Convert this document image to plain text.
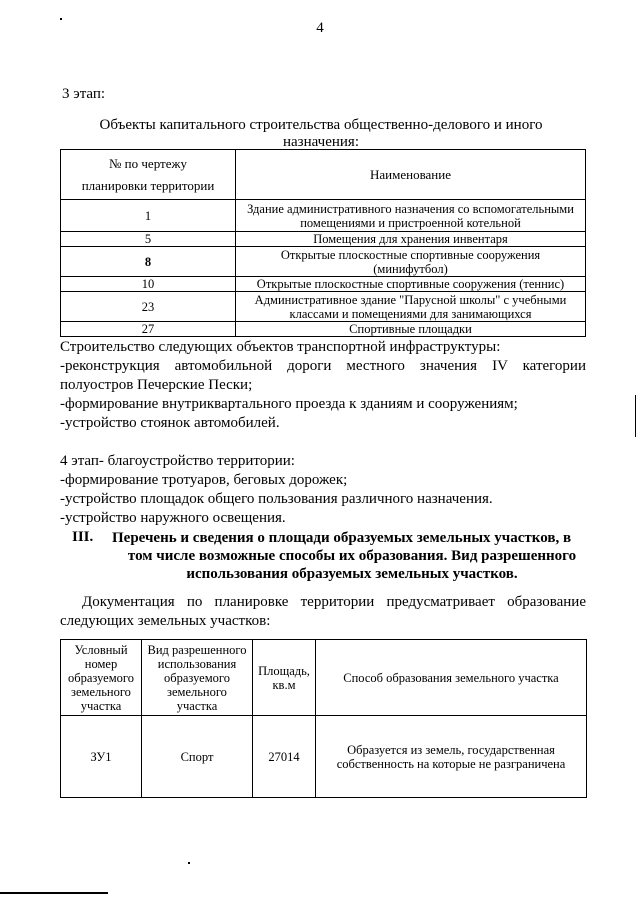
4
3 этап:
Объекты капитального строительства общественно-делового и иного
назначения:
№ по чертежу
планировки территории	Наименование
1	Здание административного назначения со вспомогательными
помещениями и пристроенной котельной
5	Помещения для хранения инвентаря
8	Открытые плоскостные спортивные сооружения
(минифутбол)
10	Открытые плоскостные спортивные сооружения (теннис)
23	Административное здание "Парусной школы" с учебными
классами и помещениями для занимающихся
27	Спортивные площадки
Строительство следующих объектов транспортной инфраструктуры:
-реконструкция автомобильной дороги местного значения IV категории полуостров Печерские Пески;
-формирование внутриквартального проезда к зданиям и сооружениям;
-устройство стоянок автомобилей.
4 этап- благоустройство территории:
-формирование тротуаров, беговых дорожек;
-устройство площадок общего пользования различного назначения.
-устройство наружного освещения.
III. Перечень и сведения о площади образуемых земельных участков, в
том числе возможные способы их образования. Вид разрешенного
использования образуемых земельных участков.
Документация по планировке территории предусматривает образование следующих земельных участков:
Условный
номер
образуемого
земельного
участка	Вид разрешенного
использования
образуемого
земельного
участка	Площадь,
кв.м	Способ образования земельного участка
ЗУ1	Спорт	27014	Образуется из земель, государственная
собственность на которые не разграничена
